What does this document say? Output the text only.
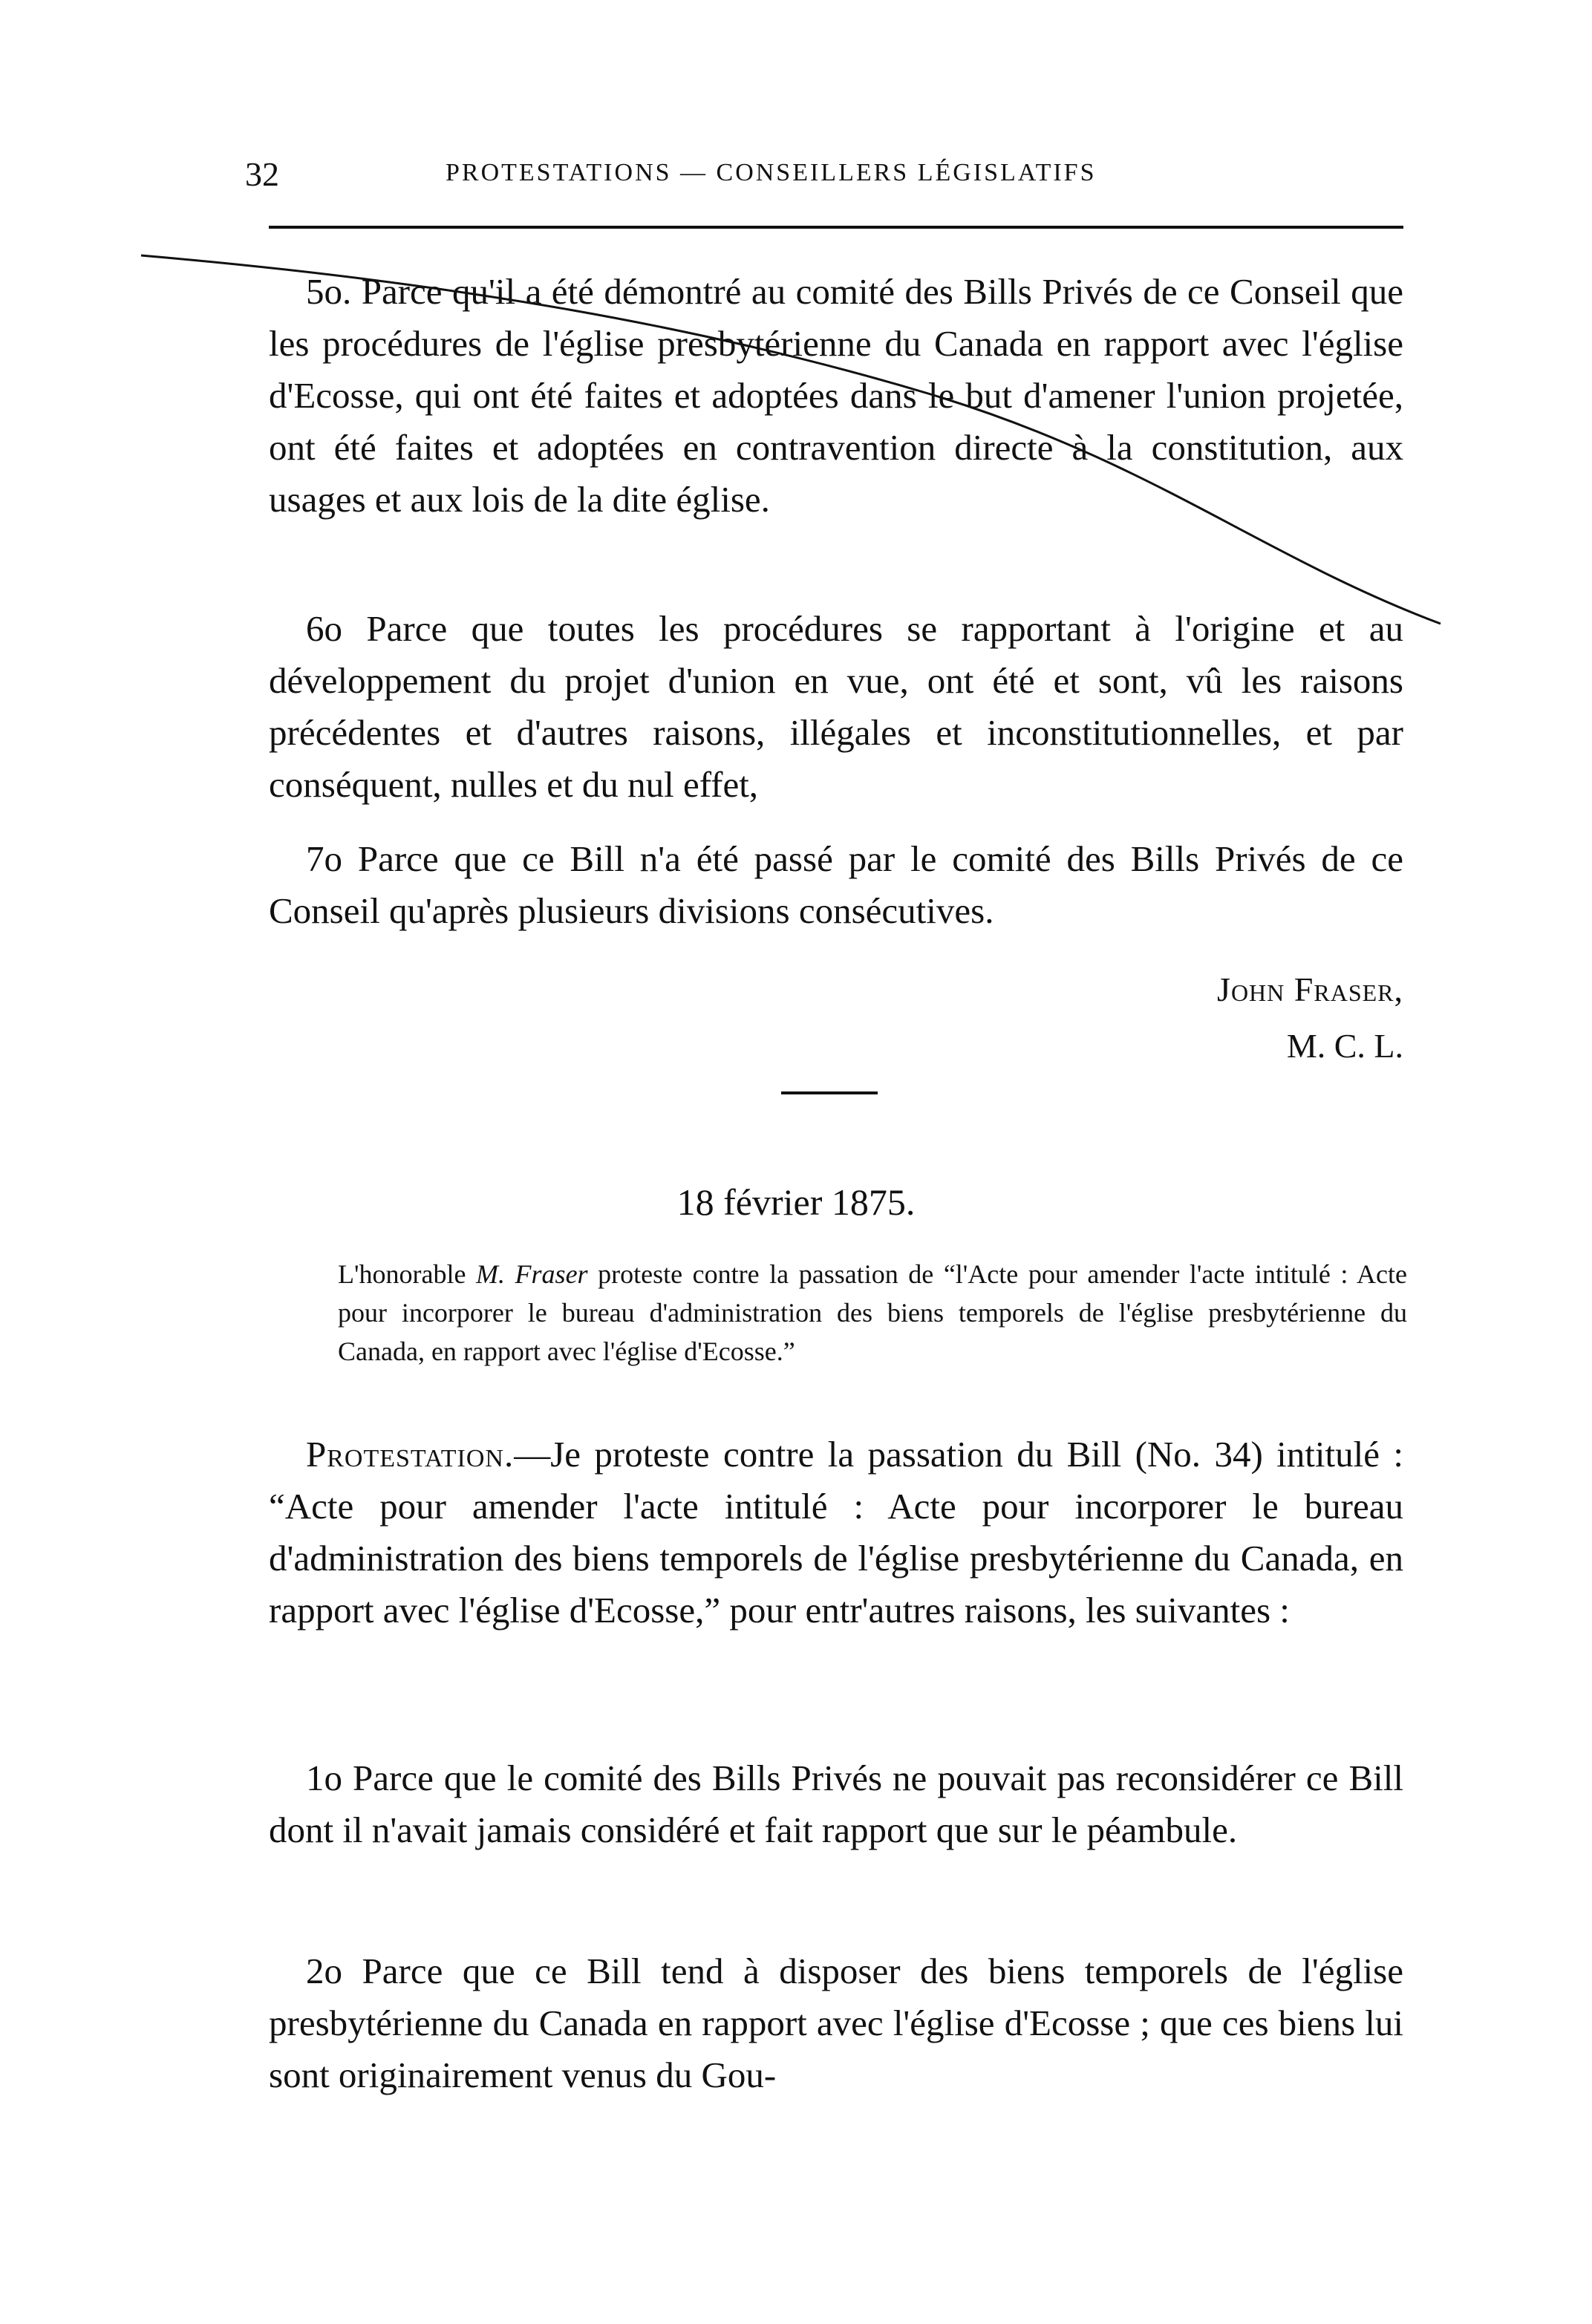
32	PROTESTATIONS — CONSEILLERS LÉGISLATIFS

5o. Parce qu'il a été démontré au comité des Bills Privés de ce Conseil que les procédures de l'église presbytérienne du Canada en rapport avec l'église d'Ecosse, qui ont été faites et adoptées dans le but d'amener l'union projetée, ont été faites et adoptées en contravention directe à la constitution, aux usages et aux lois de la dite église.

6o Parce que toutes les procédures se rapportant à l'origine et au développement du projet d'union en vue, ont été et sont, vû les raisons précédentes et d'autres raisons, illégales et inconstitutionnelles, et par conséquent, nulles et du nul effet,

7o Parce que ce Bill n'a été passé par le comité des Bills Privés de ce Conseil qu'après plusieurs divisions consécutives.

John Fraser,
M. C. L.
18 février 1875.

L'honorable M. Fraser proteste contre la passation de “l'Acte pour amender l'acte intitulé : Acte pour incorporer le bureau d'administration des biens temporels de l'église presbytérienne du Canada, en rapport avec l'église d'Ecosse.”

Protestation.—Je proteste contre la passation du Bill (No. 34) intitulé : “Acte pour amender l'acte intitulé : Acte pour incorporer le bureau d'administration des biens temporels de l'église presbytérienne du Canada, en rapport avec l'église d'Ecosse,” pour entr'autres raisons, les suivantes :

1o Parce que le comité des Bills Privés ne pouvait pas reconsidérer ce Bill dont il n'avait jamais considéré et fait rapport que sur le péambule.

2o Parce que ce Bill tend à disposer des biens temporels de l'église presbytérienne du Canada en rapport avec l'église d'Ecosse ; que ces biens lui sont originairement venus du Gou-
